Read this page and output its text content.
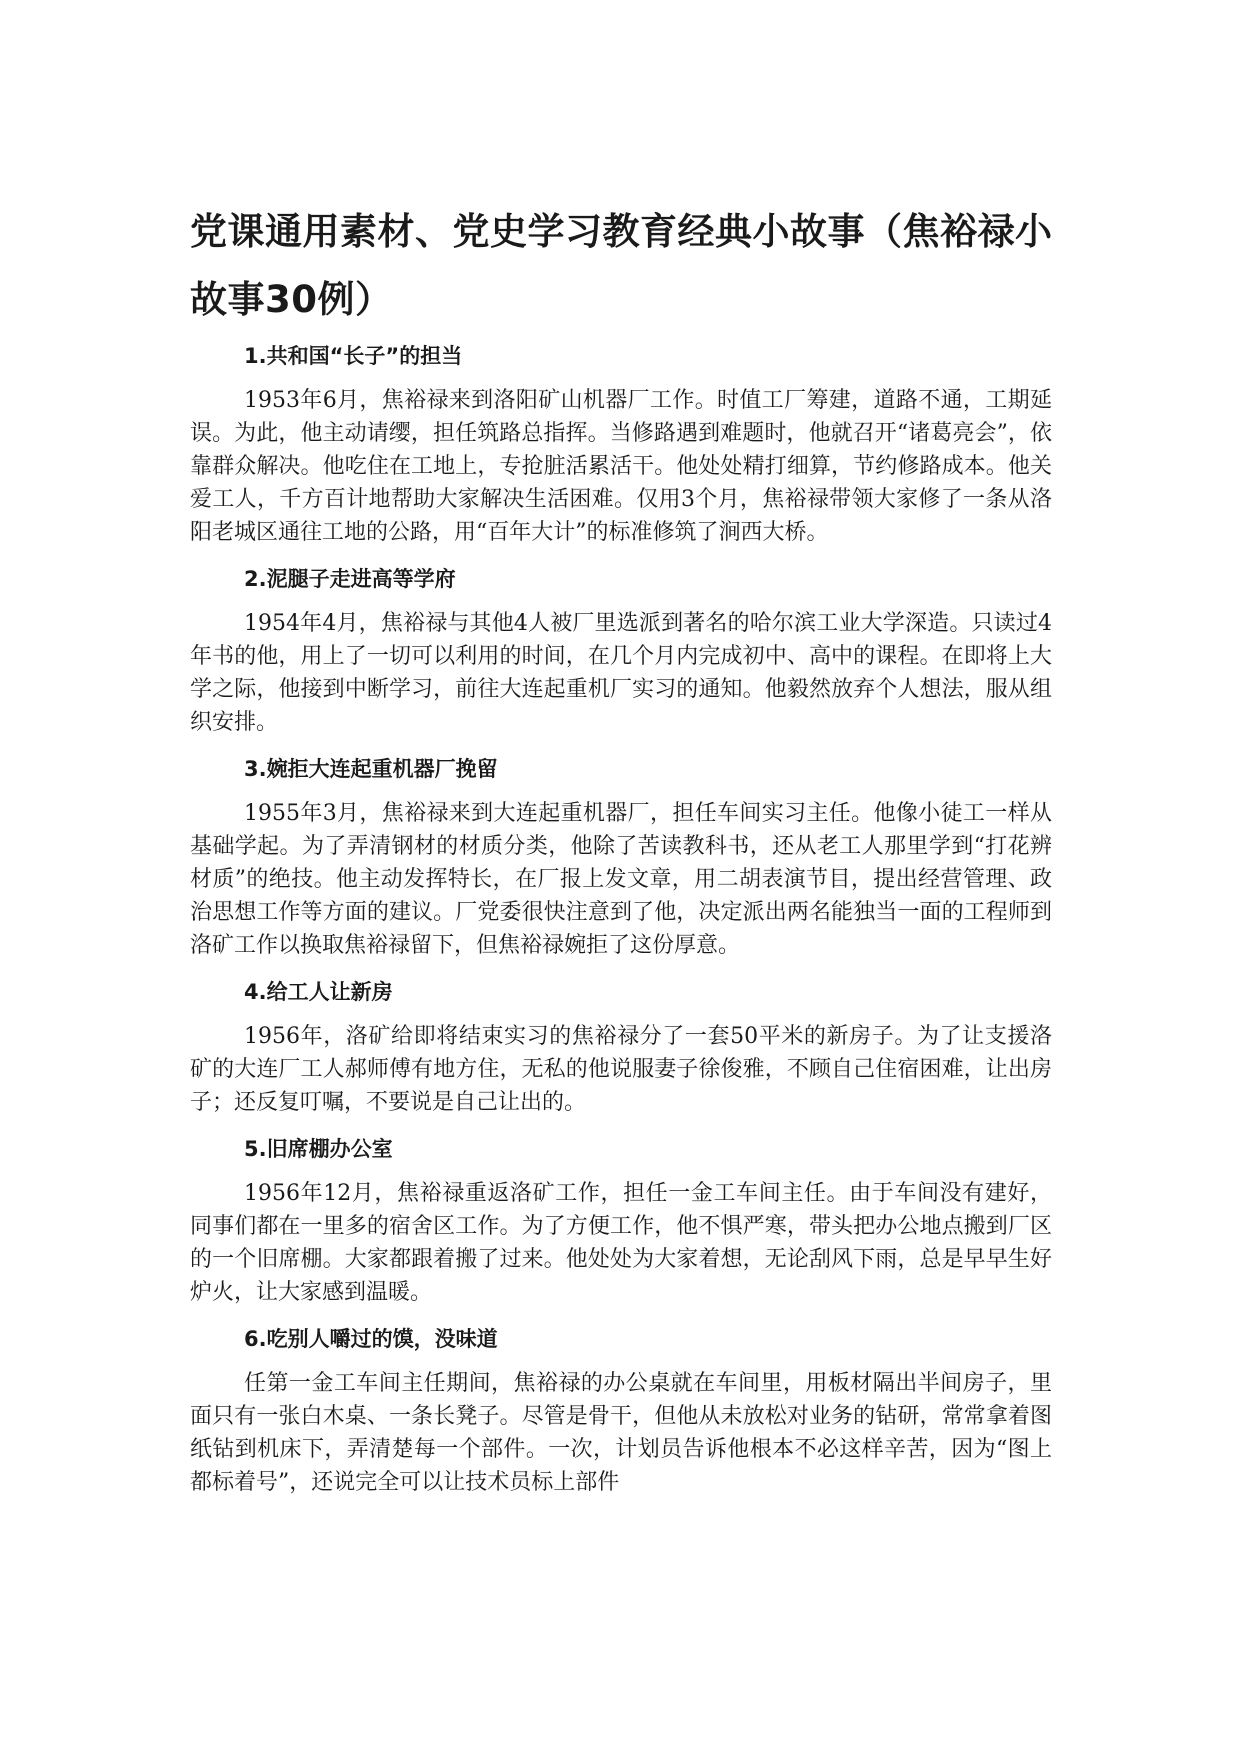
党课通用素材、党史学习教育经典小故事（焦裕禄小故事30例）
1.共和国“长子”的担当

1953年6月，焦裕禄来到洛阳矿山机器厂工作。时值工厂筹建，道路不通，工期延误。为此，他主动请缨，担任筑路总指挥。当修路遇到难题时，他就召开“诸葛亮会”，依靠群众解决。他吃住在工地上，专抢脏活累活干。他处处精打细算，节约修路成本。他关爱工人，千方百计地帮助大家解决生活困难。仅用3个月，焦裕禄带领大家修了一条从洛阳老城区通往工地的公路，用“百年大计”的标准修筑了涧西大桥。

2.泥腿子走进高等学府

1954年4月，焦裕禄与其他4人被厂里选派到著名的哈尔滨工业大学深造。只读过4年书的他，用上了一切可以利用的时间，在几个月内完成初中、高中的课程。在即将上大学之际，他接到中断学习，前往大连起重机厂实习的通知。他毅然放弃个人想法，服从组织安排。

3.婉拒大连起重机器厂挽留

1955年3月，焦裕禄来到大连起重机器厂，担任车间实习主任。他像小徒工一样从基础学起。为了弄清钢材的材质分类，他除了苦读教科书，还从老工人那里学到“打花辨材质”的绝技。他主动发挥特长，在厂报上发文章，用二胡表演节目，提出经营管理、政治思想工作等方面的建议。厂党委很快注意到了他，决定派出两名能独当一面的工程师到洛矿工作以换取焦裕禄留下，但焦裕禄婉拒了这份厚意。

4.给工人让新房

1956年，洛矿给即将结束实习的焦裕禄分了一套50平米的新房子。为了让支援洛矿的大连厂工人郝师傅有地方住，无私的他说服妻子徐俊雅，不顾自己住宿困难，让出房子；还反复叮嘱，不要说是自己让出的。

5.旧席棚办公室

1956年12月，焦裕禄重返洛矿工作，担任一金工车间主任。由于车间没有建好，同事们都在一里多的宿舍区工作。为了方便工作，他不惧严寒，带头把办公地点搬到厂区的一个旧席棚。大家都跟着搬了过来。他处处为大家着想，无论刮风下雨，总是早早生好炉火，让大家感到温暖。

6.吃别人嚼过的馍，没味道

任第一金工车间主任期间，焦裕禄的办公桌就在车间里，用板材隔出半间房子，里面只有一张白木桌、一条长凳子。尽管是骨干，但他从未放松对业务的钻研，常常拿着图纸钻到机床下，弄清楚每一个部件。一次，计划员告诉他根本不必这样辛苦，因为“图上都标着号”，还说完全可以让技术员标上部件
